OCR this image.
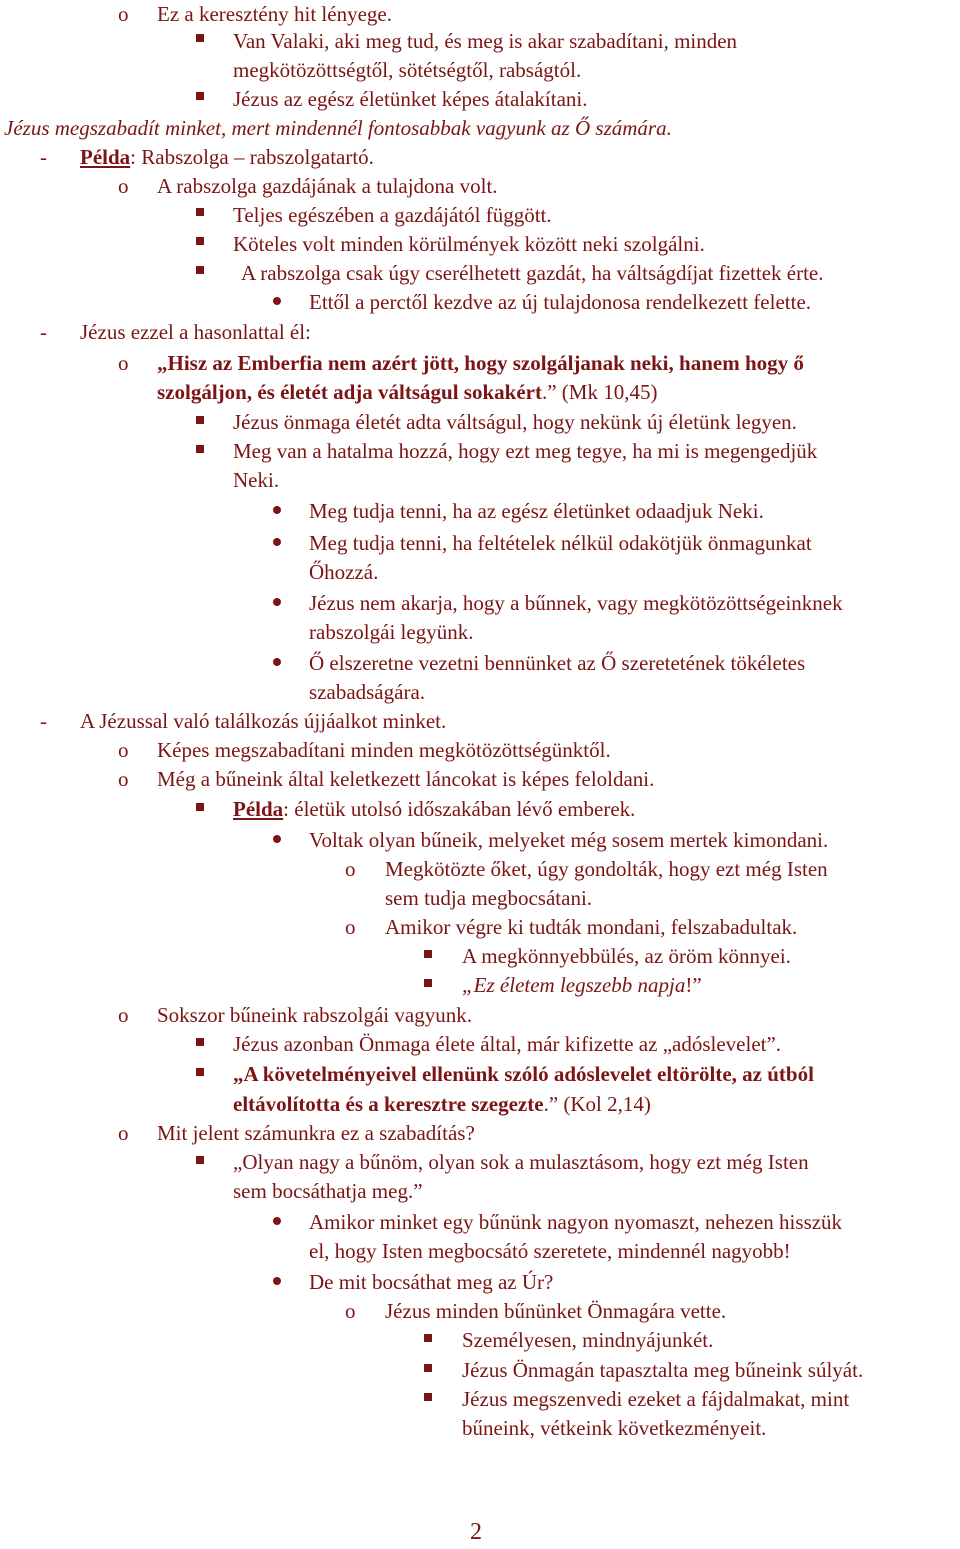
o Ez a keresztény hit lényege.
Van Valaki, aki meg tud, és meg is akar szabadítani, minden
megkötözöttségtől, sötétségtől, rabságtól.
Jézus az egész életünket képes átalakítani.
Jézus megszabadít minket, mert mindennél fontosabbak vagyunk az Ő számára.
- Példa: Rabszolga – rabszolgatartó.
o A rabszolga gazdájának a tulajdona volt.
Teljes egészében a gazdájától függött.
Köteles volt minden körülmények között neki szolgálni.
A rabszolga csak úgy cserélhetett gazdát, ha váltságdíjat fizettek érte.
Ettől a perctől kezdve az új tulajdonosa rendelkezett felette.
- Jézus ezzel a hasonlattal él:
o „Hisz az Emberfia nem azért jött, hogy szolgáljanak neki, hanem hogy ő
szolgáljon, és életét adja váltságul sokakért.” (Mk 10,45)
Jézus önmaga életét adta váltságul, hogy nekünk új életünk legyen.
Meg van a hatalma hozzá, hogy ezt meg tegye, ha mi is megengedjük
Neki.
Meg tudja tenni, ha az egész életünket odaadjuk Neki.
Meg tudja tenni, ha feltételek nélkül odakötjük önmagunkat
Őhozzá.
Jézus nem akarja, hogy a bűnnek, vagy megkötözöttségeinknek
rabszolgái legyünk.
Ő elszeretne vezetni bennünket az Ő szeretetének tökéletes
szabadságára.
- A Jézussal való találkozás újjáalkot minket.
o Képes megszabadítani minden megkötözöttségünktől.
o Még a bűneink által keletkezett láncokat is képes feloldani.
Példa: életük utolsó időszakában lévő emberek.
Voltak olyan bűneik, melyeket még sosem mertek kimondani.
o Megkötözte őket, úgy gondolták, hogy ezt még Isten
sem tudja megbocsátani.
o Amikor végre ki tudták mondani, felszabadultak.
A megkönnyebbülés, az öröm könnyei.
„Ez életem legszebb napja!”
o Sokszor bűneink rabszolgái vagyunk.
Jézus azonban Önmaga élete által, már kifizette az „adóslevelet”.
„A követelményeivel ellenünk szóló adóslevelet eltörölte, az útból
eltávolította és a keresztre szegezte.” (Kol 2,14)
o Mit jelent számunkra ez a szabadítás?
„Olyan nagy a bűnöm, olyan sok a mulasztásom, hogy ezt még Isten
sem bocsáthatja meg.”
Amikor minket egy bűnünk nagyon nyomaszt, nehezen hisszük
el, hogy Isten megbocsátó szeretete, mindennél nagyobb!
De mit bocsáthat meg az Úr?
o Jézus minden bűnünket Önmagára vette.
Személyesen, mindnyájunkét.
Jézus Önmagán tapasztalta meg bűneink súlyát.
Jézus megszenvedi ezeket a fájdalmakat, mint
bűneink, vétkeink következményeit.
2
